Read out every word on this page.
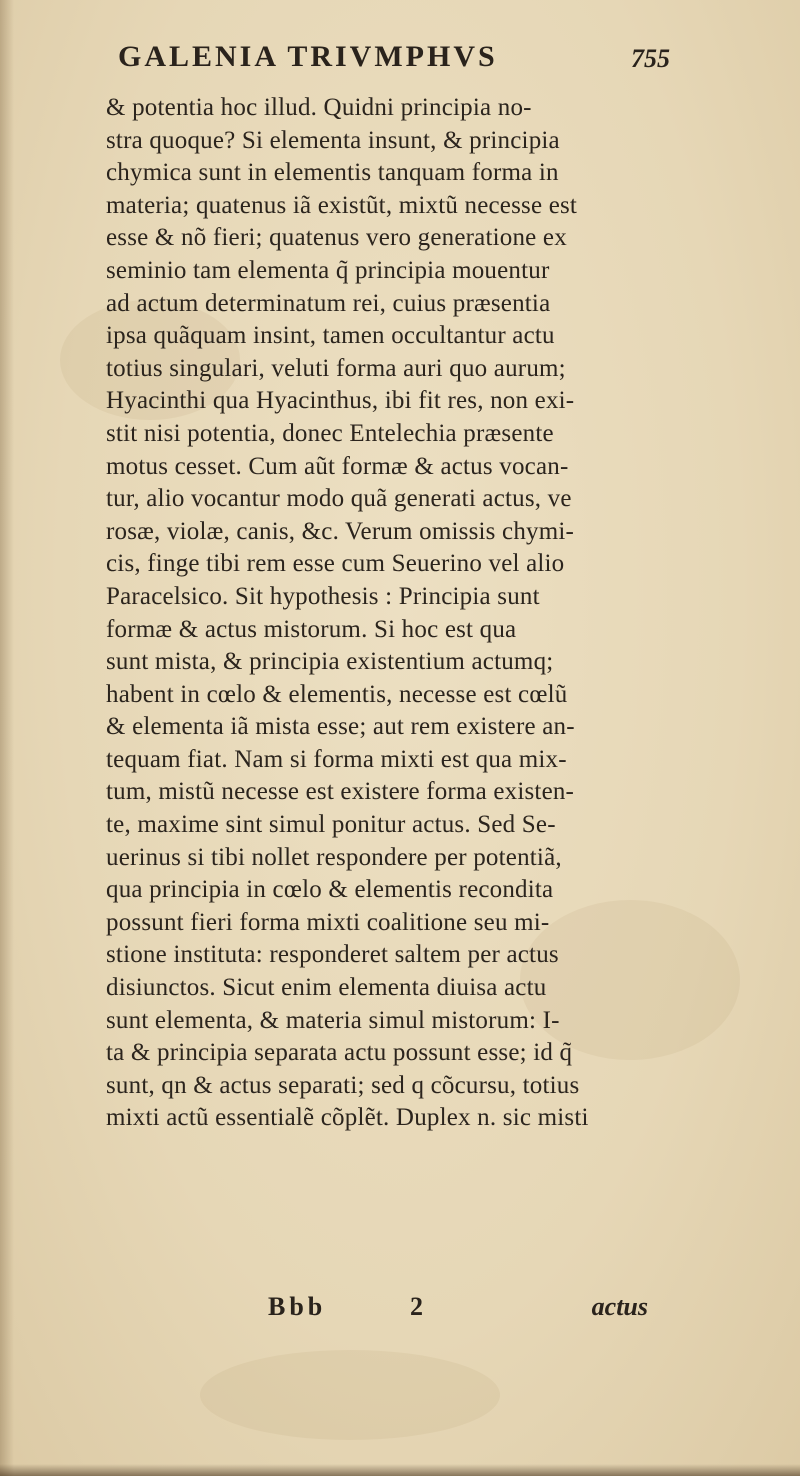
GALENIA TRIVMPHVS	755
& potentia hoc illud. Quidni principia no-
stra quoque? Si elementa insunt, & principia
chymica sunt in elementis tanquam forma in
materia; quatenus iã existũt, mixtũ necesse est
esse & nõ fieri; quatenus vero generatione ex
seminio tam elementa q̃ principia mouentur
ad actum determinatum rei, cuius præsentia
ipsa quãquam insint, tamen occultantur actu
totius singulari, veluti forma auri quo aurum;
Hyacinthi qua Hyacinthus, ibi fit res, non exi-
stit nisi potentia, donec Entelechia præsente
motus cesset. Cum aũt formæ & actus vocan-
tur, alio vocantur modo quã generati actus, ve
rosæ, violæ, canis, &c. Verum omissis chymi-
cis, finge tibi rem esse cum Seuerino vel alio
Paracelsico. Sit hypothesis : Principia sunt
formæ & actus mistorum. Si hoc est qua
sunt mista, & principia existentium actumq;
habent in cœlo & elementis, necesse est cœlũ
& elementa iã mista esse; aut rem existere an-
tequam fiat. Nam si forma mixti est qua mix-
tum, mistũ necesse est existere forma existen-
te, maxime sint simul ponitur actus. Sed Se-
uerinus si tibi nollet respondere per potentiã,
qua principia in cœlo & elementis recondita
possunt fieri forma mixti coalitione seu mi-
stione instituta: responderet saltem per actus
disiunctos. Sicut enim elementa diuisa actu
sunt elementa, & materia simul mistorum: I-
ta & principia separata actu possunt esse; id q̃
sunt, qn & actus separati; sed q cõcursu, totius
mixti actũ essentialẽ cõplẽt. Duplex n. sic misti
Bbb	2	actus
